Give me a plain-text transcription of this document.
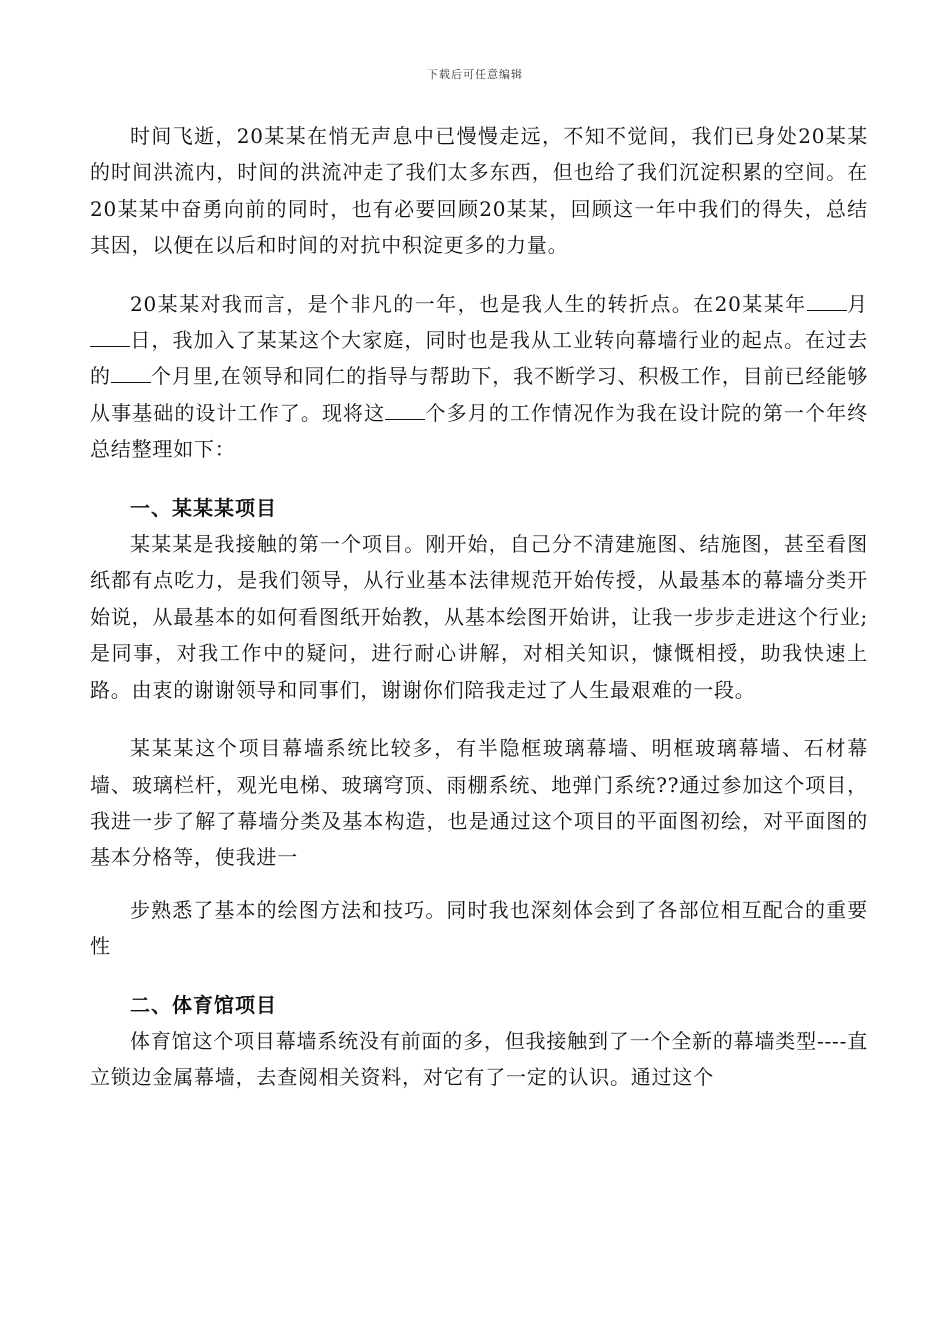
下载后可任意编辑

时间飞逝，20某某在悄无声息中已慢慢走远，不知不觉间，我们已身处20某某的时间洪流内，时间的洪流冲走了我们太多东西，但也给了我们沉淀积累的空间。在20某某中奋勇向前的同时，也有必要回顾20某某，回顾这一年中我们的得失，总结其因，以便在以后和时间的对抗中积淀更多的力量。

20某某对我而言，是个非凡的一年，也是我人生的转折点。在20某某年 月日，我加入了某某这个大家庭，同时也是我从工业转向幕墙行业的起点。在过去的 个月里,在领导和同仁的指导与帮助下，我不断学习、积极工作，目前已经能够从事基础的设计工作了。现将这 个多月的工作情况作为我在设计院的第一个年终总结整理如下：

一、某某某项目

某某某是我接触的第一个项目。刚开始，自己分不清建施图、结施图，甚至看图纸都有点吃力，是我们领导，从行业基本法律规范开始传授，从最基本的幕墙分类开始说，从最基本的如何看图纸开始教，从基本绘图开始讲，让我一步步走进这个行业;是同事，对我工作中的疑问，进行耐心讲解，对相关知识，慷慨相授，助我快速上路。由衷的谢谢领导和同事们，谢谢你们陪我走过了人生最艰难的一段。

某某某这个项目幕墙系统比较多，有半隐框玻璃幕墙、明框玻璃幕墙、石材幕墙、玻璃栏杆，观光电梯、玻璃穹顶、雨棚系统、地弹门系统??通过参加这个项目，我进一步了解了幕墙分类及基本构造，也是通过这个项目的平面图初绘，对平面图的基本分格等，使我进一

步熟悉了基本的绘图方法和技巧。同时我也深刻体会到了各部位相互配合的重要性

二、体育馆项目

体育馆这个项目幕墙系统没有前面的多，但我接触到了一个全新的幕墙类型----直立锁边金属幕墙，去查阅相关资料，对它有了一定的认识。通过这个
